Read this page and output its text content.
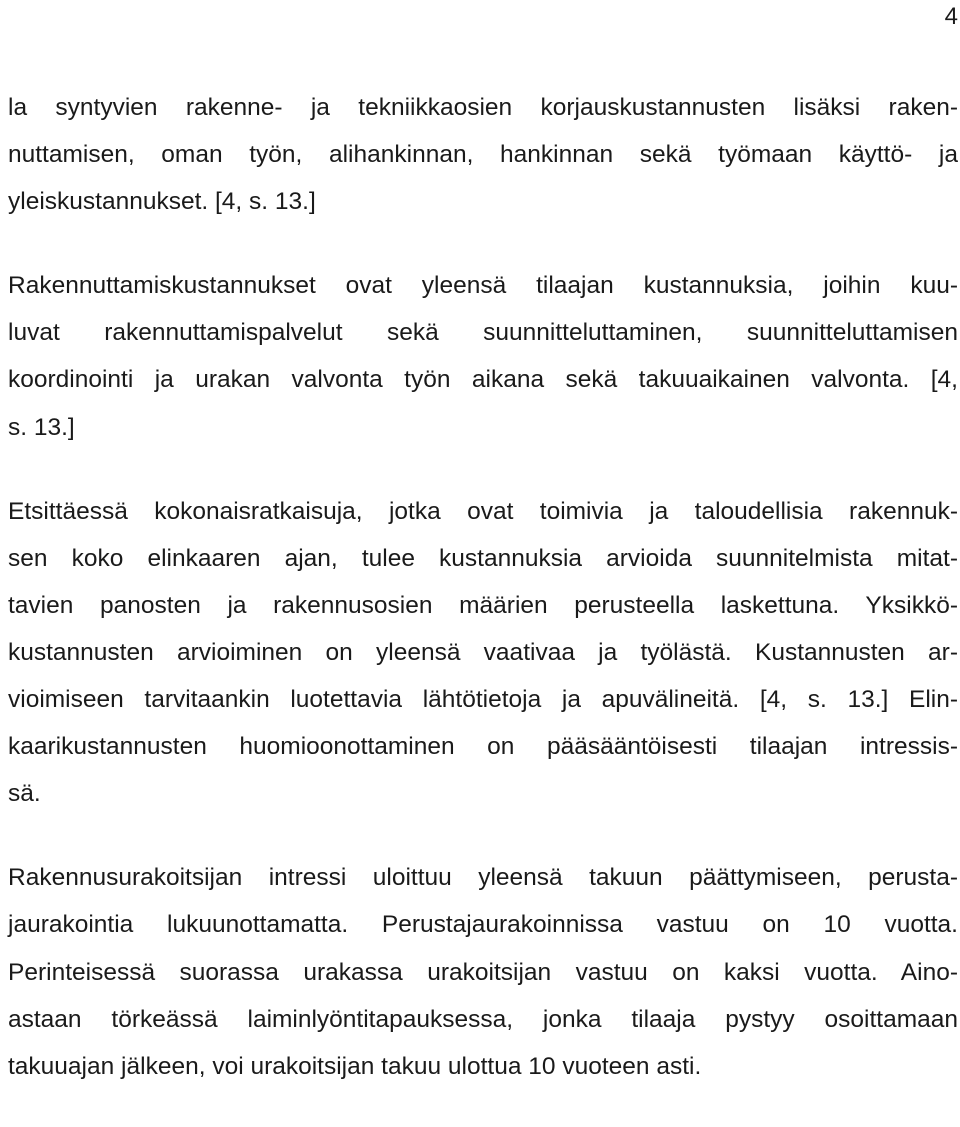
4

la syntyvien rakenne- ja tekniikkaosien korjauskustannusten lisäksi raken-
nuttamisen, oman työn, alihankinnan, hankinnan sekä työmaan käyttö- ja
yleiskustannukset. [4, s. 13.]

Rakennuttamiskustannukset ovat yleensä tilaajan kustannuksia, joihin kuu-
luvat rakennuttamispalvelut sekä suunnitteluttaminen, suunnitteluttamisen
koordinointi ja urakan valvonta työn aikana sekä takuuaikainen valvonta. [4,
s. 13.]

Etsittäessä kokonaisratkaisuja, jotka ovat toimivia ja taloudellisia rakennuk-
sen koko elinkaaren ajan, tulee kustannuksia arvioida suunnitelmista mitat-
tavien panosten ja rakennusosien määrien perusteella laskettuna. Yksikkö-
kustannusten arvioiminen on yleensä vaativaa ja työlästä. Kustannusten ar-
vioimiseen tarvitaankin luotettavia lähtötietoja ja apuvälineitä. [4, s. 13.] Elin-
kaarikustannusten huomioonottaminen on pääsääntöisesti tilaajan intressis-
sä.

Rakennusurakoitsijan intressi uloittuu yleensä takuun päättymiseen, perusta-
jaurakointia lukuunottamatta. Perustajaurakoinnissa vastuu on 10 vuotta.
Perinteisessä suorassa urakassa urakoitsijan vastuu on kaksi vuotta. Aino-
astaan törkeässä laiminlyöntitapauksessa, jonka tilaaja pystyy osoittamaan
takuuajan jälkeen, voi urakoitsijan takuu ulottua 10 vuoteen asti.
